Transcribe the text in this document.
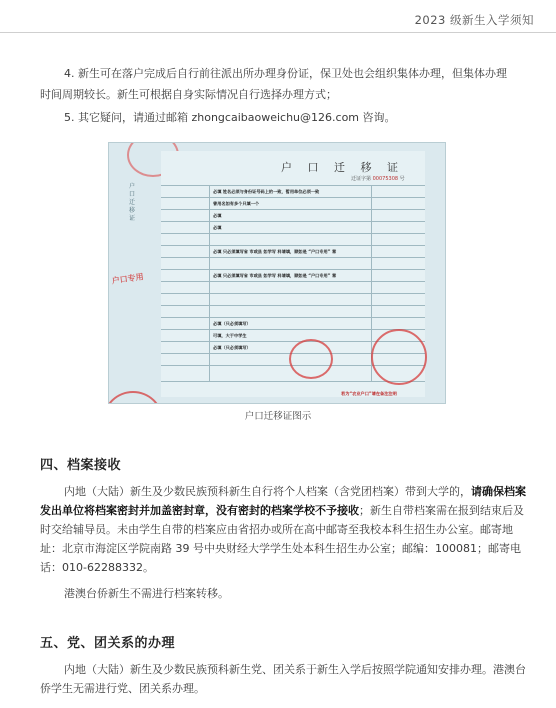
2023 级新生入学须知
4. 新生可在落户完成后自行前往派出所办理身份证，保卫处也会组织集体办理，但集体办理
时间周期较长。新生可根据自身实际情况自行选择办理方式；
5. 其它疑问，请通过邮箱 zhongcaibaoweichu@126.com 咨询。
户口迁移证
户口专用
户 口 迁 移 证
迁证字第 00075308 号
必填 姓名必须与身份证号码上的一致，暂用单位必须一致
曾用名如有多个只填一个
必填
必填
必填 只必须填写省 市或县 如学写 科请填，顺如是 “户口专用” 章
必填 只必须填写省 市或县 如学写 科请填，顺如是 “户口专用” 章
必填（只必须填写）
可填，大于中学生
必填（只必须填写）
若为“农业户口”请在备注注明
户口迁移证图示
四、档案接收
内地（大陆）新生及少数民族预科新生自行将个人档案（含党团档案）带到大学的，请确保档案发出单位将档案密封并加盖密封章，没有密封的档案学校不予接收；新生自带档案需在报到结束后及时交给辅导员。未由学生自带的档案应由省招办或所在高中邮寄至我校本科生招生办公室。邮寄地址：北京市海淀区学院南路 39 号中央财经大学学生处本科生招生办公室；邮编：100081；邮寄电话：010-62288332。
港澳台侨新生不需进行档案转移。
五、党、团关系的办理
内地（大陆）新生及少数民族预科新生党、团关系于新生入学后按照学院通知安排办理。港澳台侨学生无需进行党、团关系办理。
